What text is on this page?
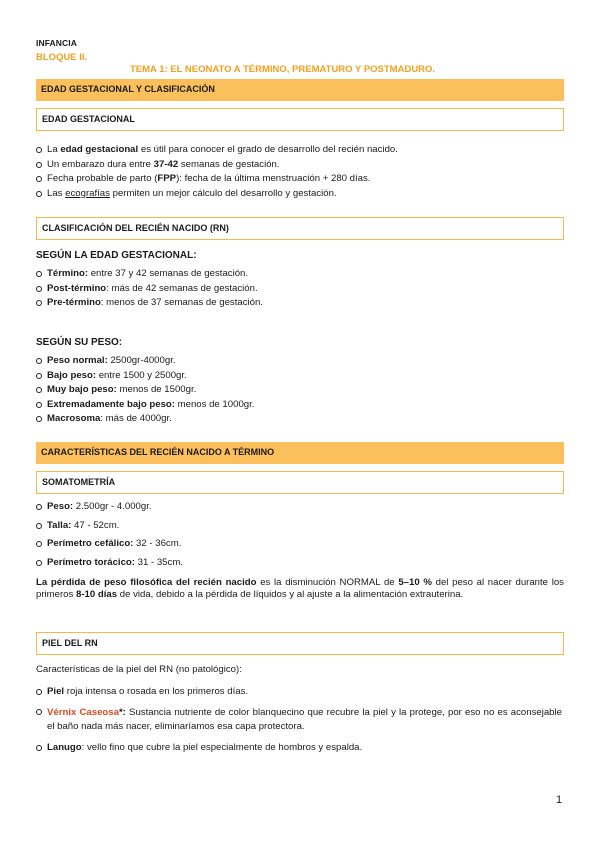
INFANCIA
BLOQUE II.
TEMA 1: EL NEONATO A TÉRMINO, PREMATURO Y POSTMADURO.
EDAD GESTACIONAL Y CLASIFICACIÓN
EDAD GESTACIONAL
La edad gestacional es útil para conocer el grado de desarrollo del recién nacido.
Un embarazo dura entre 37-42 semanas de gestación.
Fecha probable de parto (FPP): fecha de la última menstruación + 280 días.
Las ecografías permiten un mejor cálculo del desarrollo y gestación.
CLASIFICACIÓN DEL RECIÉN NACIDO (RN)
SEGÚN LA EDAD GESTACIONAL:
Término: entre 37 y 42 semanas de gestación.
Post-término: más de 42 semanas de gestación.
Pre-término: menos de 37 semanas de gestación.
SEGÚN SU PESO:
Peso normal: 2500gr-4000gr.
Bajo peso: entre 1500 y 2500gr.
Muy bajo peso: menos de 1500gr.
Extremadamente bajo peso: menos de 1000gr.
Macrosoma: más de 4000gr.
CARACTERÍSTICAS DEL RECIÉN NACIDO A TÉRMINO
SOMATOMETRÍA
Peso: 2.500gr - 4.000gr.
Talla: 47 - 52cm.
Perímetro cefálico: 32 - 36cm.
Perímetro torácico: 31 - 35cm.
La pérdida de peso filosófica del recién nacido es la disminución NORMAL de 5–10 % del peso al nacer durante los primeros 8-10 días de vida, debido a la pérdida de líquidos y al ajuste a la alimentación extrauterina.
PIEL DEL RN
Características de la piel del RN (no patológico):
Piel roja intensa o rosada en los primeros días.
Vérnix Caseosa*: Sustancia nutriente de color blanquecino que recubre la piel y la protege, por eso no es aconsejable el baño nada más nacer, eliminaríamos esa capa protectora.
Lanugo: vello fino que cubre la piel especialmente de hombros y espalda.
1
